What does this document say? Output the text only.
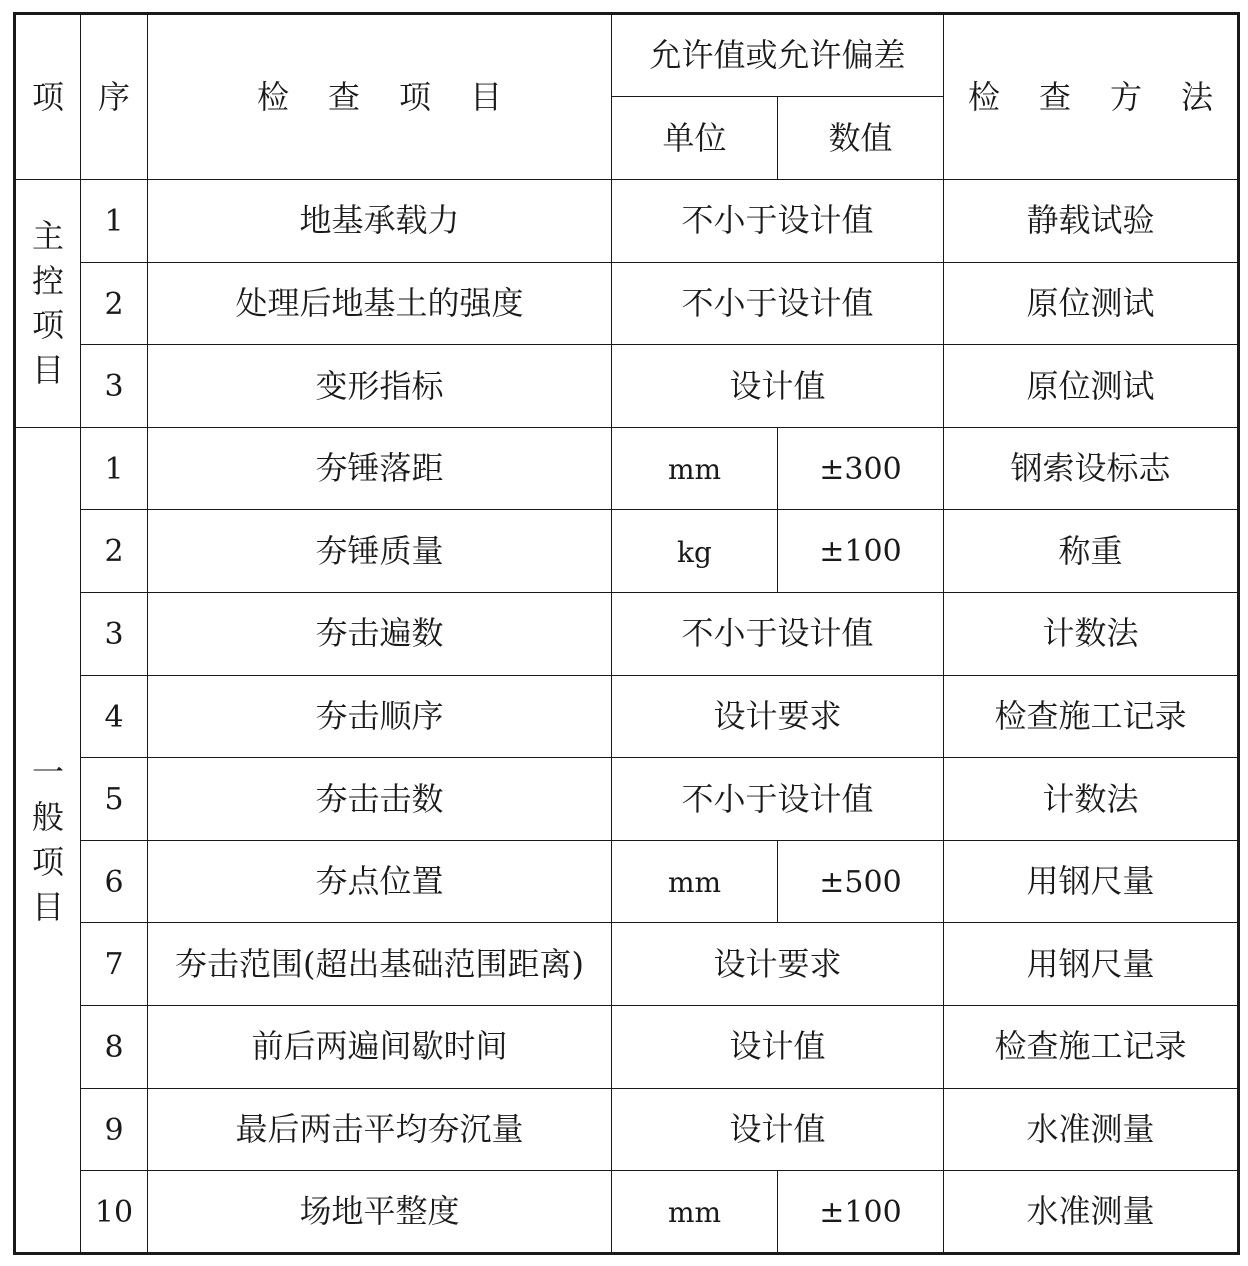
项	序	检 查 项 目	允许值或允许偏差		检 查 方 法
			单位	数值	
主控项目	1	地基承载力	不小于设计值		静载试验
	2	处理后地基土的强度	不小于设计值		原位测试
	3	变形指标	设计值		原位测试
一般项目	1	夯锤落距	mm	±300	钢索设标志
	2	夯锤质量	kg	±100	称重
	3	夯击遍数	不小于设计值		计数法
	4	夯击顺序	设计要求		检查施工记录
	5	夯击击数	不小于设计值		计数法
	6	夯点位置	mm	±500	用钢尺量
	7	夯击范围(超出基础范围距离)	设计要求		用钢尺量
	8	前后两遍间歇时间	设计值		检查施工记录
	9	最后两击平均夯沉量	设计值		水准测量
	10	场地平整度	mm	±100	水准测量
